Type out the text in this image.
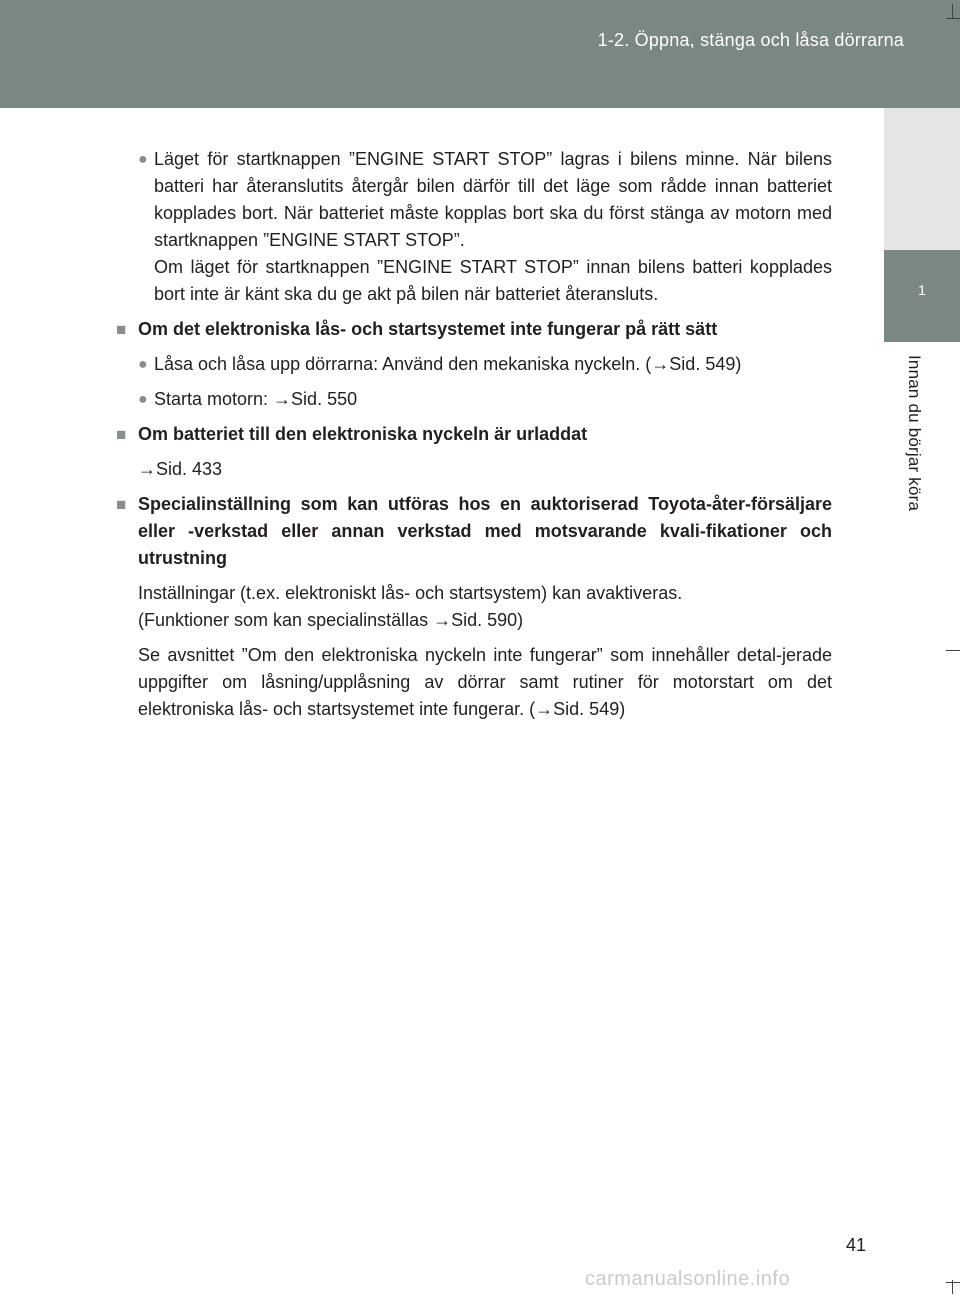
1-2. Öppna, stänga och låsa dörrarna
1
Innan du börjar köra
● Läget för startknappen ”ENGINE START STOP” lagras i bilens minne. När bilens batteri har återanslutits återgår bilen därför till det läge som rådde innan batteriet kopplades bort. När batteriet måste kopplas bort ska du först stänga av motorn med startknappen ”ENGINE START STOP”.

Om läget för startknappen ”ENGINE START STOP” innan bilens batteri kopplades bort inte är känt ska du ge akt på bilen när batteriet återansluts.

■ Om det elektroniska lås- och startsystemet inte fungerar på rätt sätt
● Låsa och låsa upp dörrarna: Använd den mekaniska nyckeln. (→Sid. 549)

● Starta motorn: →Sid. 550

■ Om batteriet till den elektroniska nyckeln är urladdat

→Sid. 433

■ Specialinställning som kan utföras hos en auktoriserad Toyota-åter-försäljare eller -verkstad eller annan verkstad med motsvarande kvali-fikationer och utrustning

Inställningar (t.ex. elektroniskt lås- och startsystem) kan avaktiveras.

(Funktioner som kan specialinställas →Sid. 590)

Se avsnittet ”Om den elektroniska nyckeln inte fungerar” som innehåller detal-jerade uppgifter om låsning/upplåsning av dörrar samt rutiner för motorstart om det elektroniska lås- och startsystemet inte fungerar. (→Sid. 549)

41
carmanualsonline.info
